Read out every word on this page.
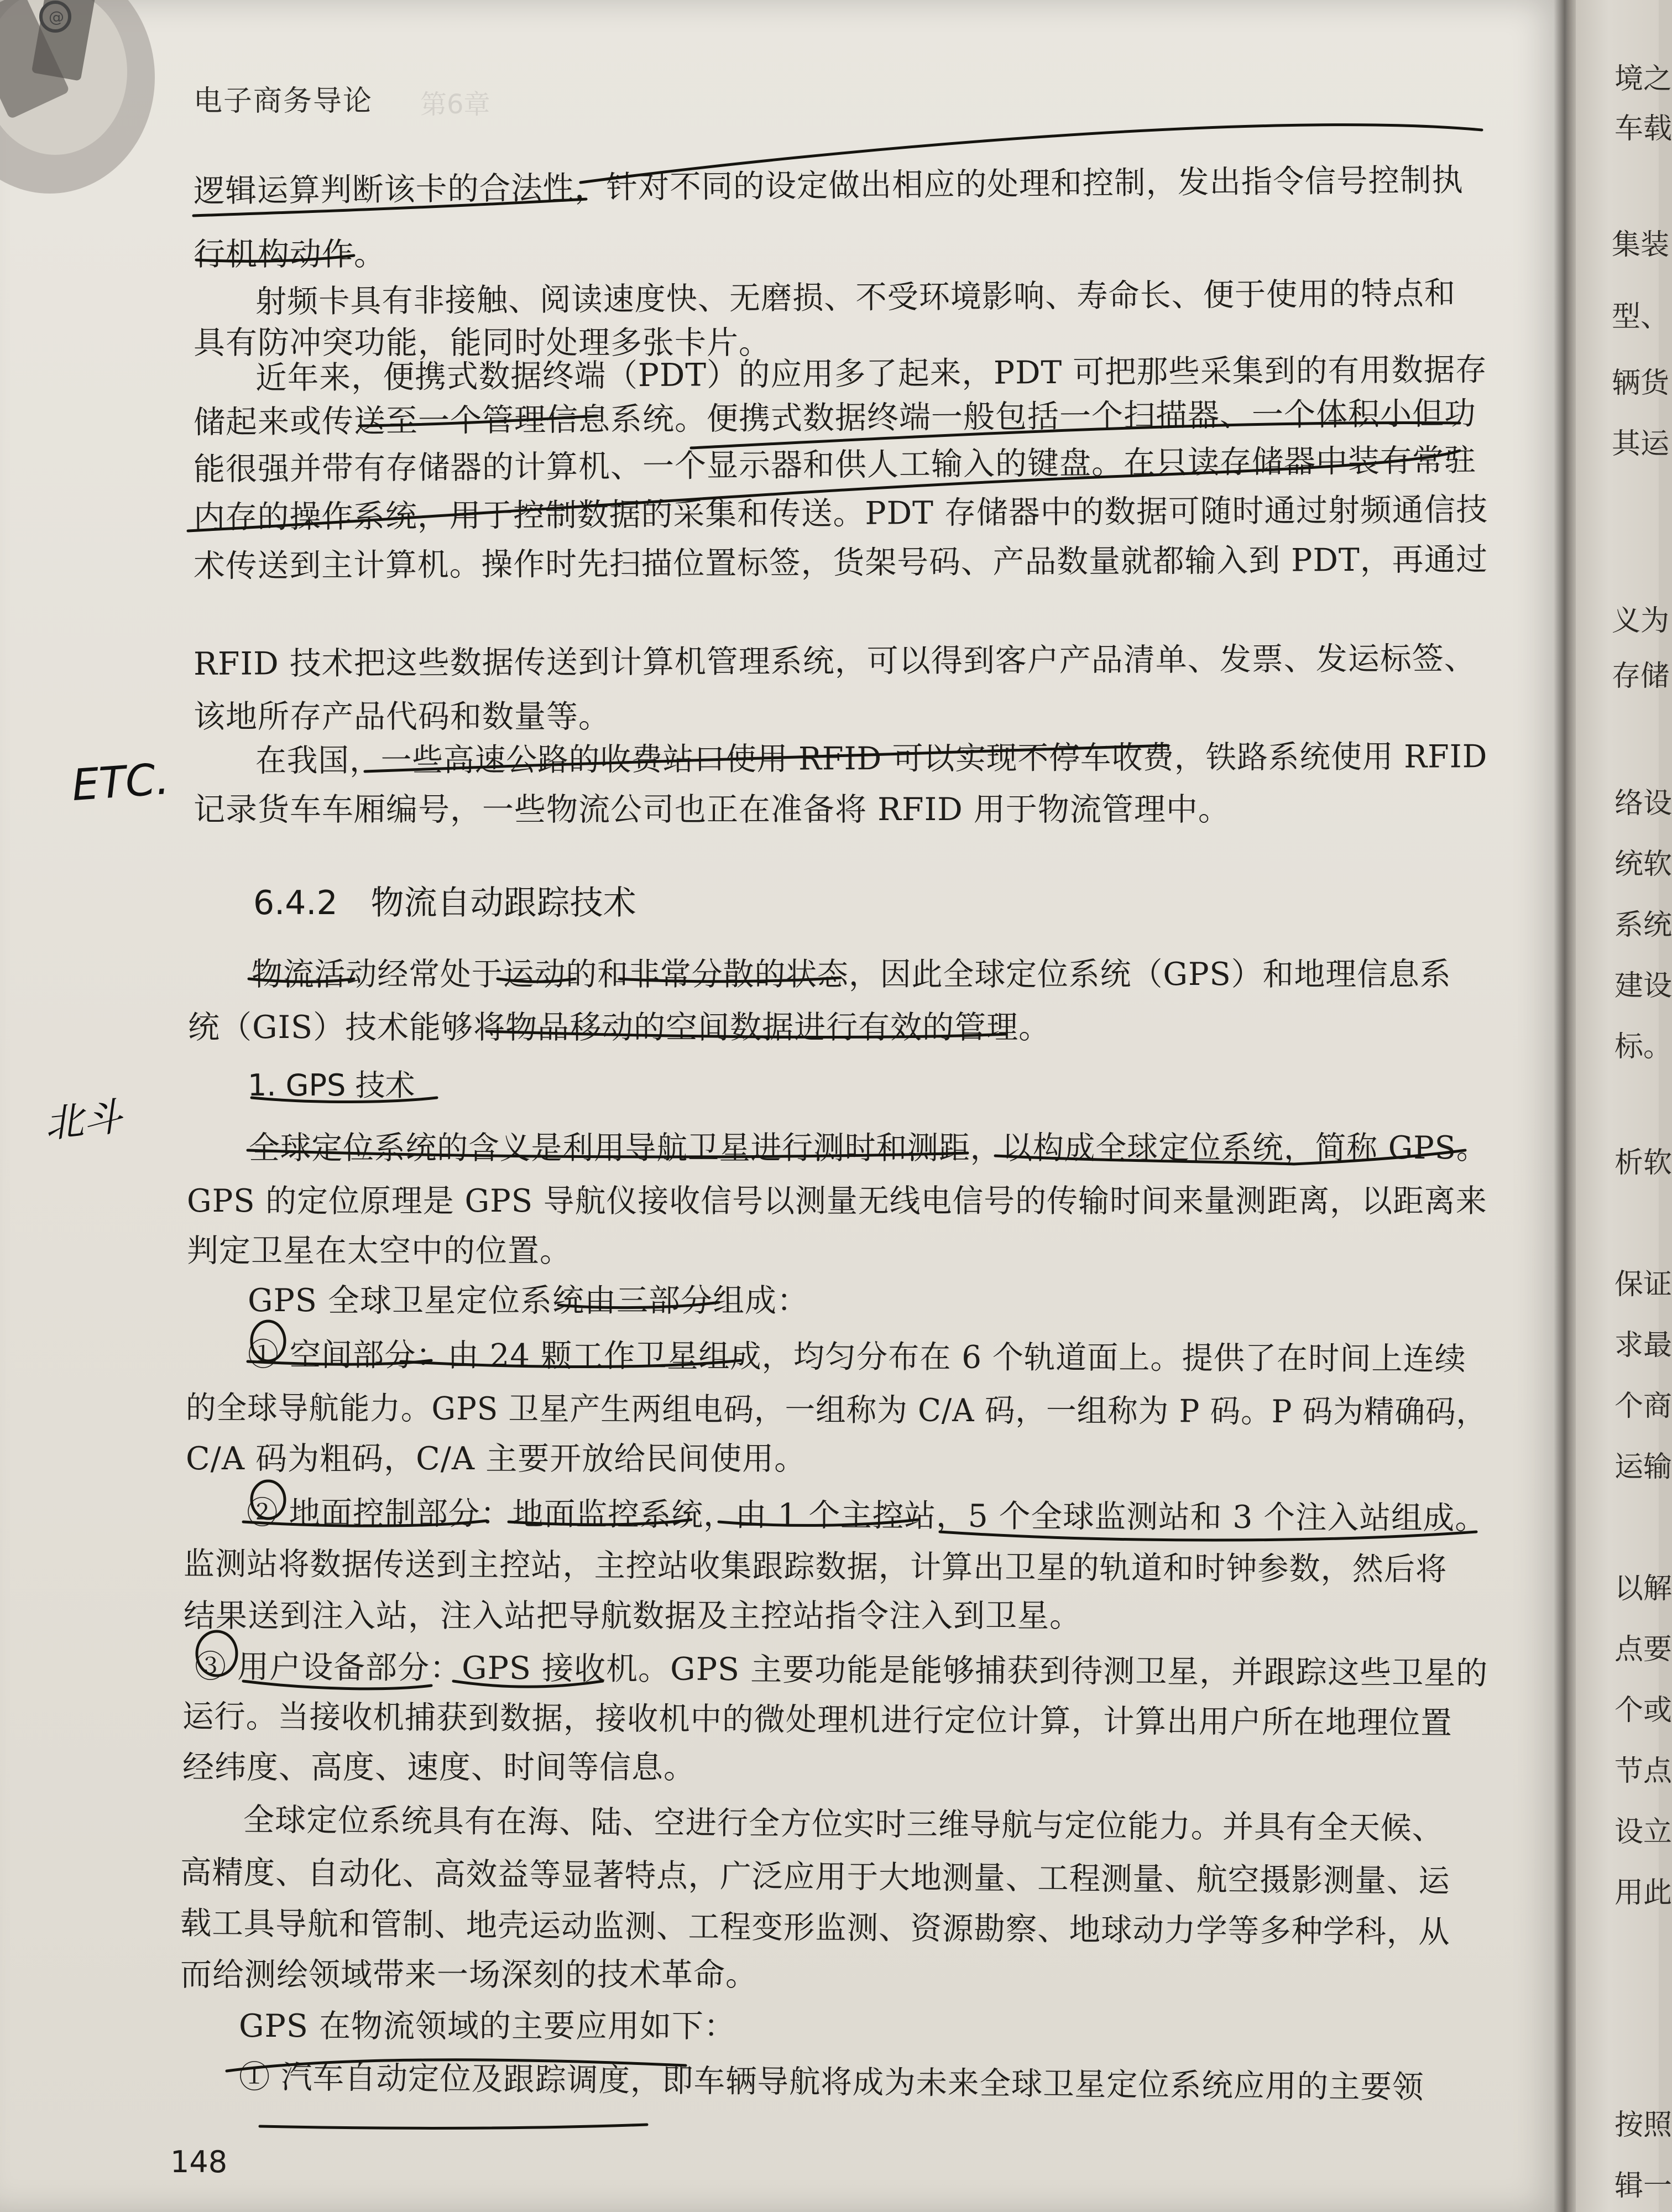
@
电子商务导论 第6章
逻辑运算判断该卡的合法性，针对不同的设定做出相应的处理和控制，发出指令信号控制执
行机构动作。
射频卡具有非接触、阅读速度快、无磨损、不受环境影响、寿命长、便于使用的特点和
具有防冲突功能，能同时处理多张卡片。
近年来，便携式数据终端（PDT）的应用多了起来，PDT 可把那些采集到的有用数据存
储起来或传送至一个管理信息系统。便携式数据终端一般包括一个扫描器、一个体积小但功
能很强并带有存储器的计算机、一个显示器和供人工输入的键盘。在只读存储器中装有常驻
内存的操作系统，用于控制数据的采集和传送。PDT 存储器中的数据可随时通过射频通信技
术传送到主计算机。操作时先扫描位置标签，货架号码、产品数量就都输入到 PDT，再通过
RFID 技术把这些数据传送到计算机管理系统，可以得到客户产品清单、发票、发运标签、
该地所存产品代码和数量等。
在我国，一些高速公路的收费站口使用 RFID 可以实现不停车收费，铁路系统使用 RFID
记录货车车厢编号，一些物流公司也正在准备将 RFID 用于物流管理中。
6.4.2　物流自动跟踪技术
物流活动经常处于运动的和非常分散的状态，因此全球定位系统（GPS）和地理信息系
统（GIS）技术能够将物品移动的空间数据进行有效的管理。
1. GPS 技术
全球定位系统的含义是利用导航卫星进行测时和测距，以构成全球定位系统，简称 GPS。
GPS 的定位原理是 GPS 导航仪接收信号以测量无线电信号的传输时间来量测距离，以距离来
判定卫星在太空中的位置。
GPS 全球卫星定位系统由三部分组成：
① 空间部分：由 24 颗工作卫星组成，均匀分布在 6 个轨道面上。提供了在时间上连续
的全球导航能力。GPS 卫星产生两组电码，一组称为 C/A 码，一组称为 P 码。P 码为精确码，
C/A 码为粗码，C/A 主要开放给民间使用。
② 地面控制部分：地面监控系统，由 1 个主控站，5 个全球监测站和 3 个注入站组成。
监测站将数据传送到主控站，主控站收集跟踪数据，计算出卫星的轨道和时钟参数，然后将
结果送到注入站，注入站把导航数据及主控站指令注入到卫星。
③ 用户设备部分：GPS 接收机。GPS 主要功能是能够捕获到待测卫星，并跟踪这些卫星的
运行。当接收机捕获到数据，接收机中的微处理机进行定位计算，计算出用户所在地理位置
经纬度、高度、速度、时间等信息。
全球定位系统具有在海、陆、空进行全方位实时三维导航与定位能力。并具有全天候、
高精度、自动化、高效益等显著特点，广泛应用于大地测量、工程测量、航空摄影测量、运
载工具导航和管制、地壳运动监测、工程变形监测、资源勘察、地球动力学等多种学科，从
而给测绘领域带来一场深刻的技术革命。
GPS 在物流领域的主要应用如下：
① 汽车自动定位及跟踪调度，即车辆导航将成为未来全球卫星定位系统应用的主要领
148
ETC.
北斗
境之
车载
集装
型、
辆货
其运
义为
存储
络设
统软
系统
建设
标。
析软
保证
求最
个商
运输
以解
点要
个或
节点
设立
用此
按照
辑一
